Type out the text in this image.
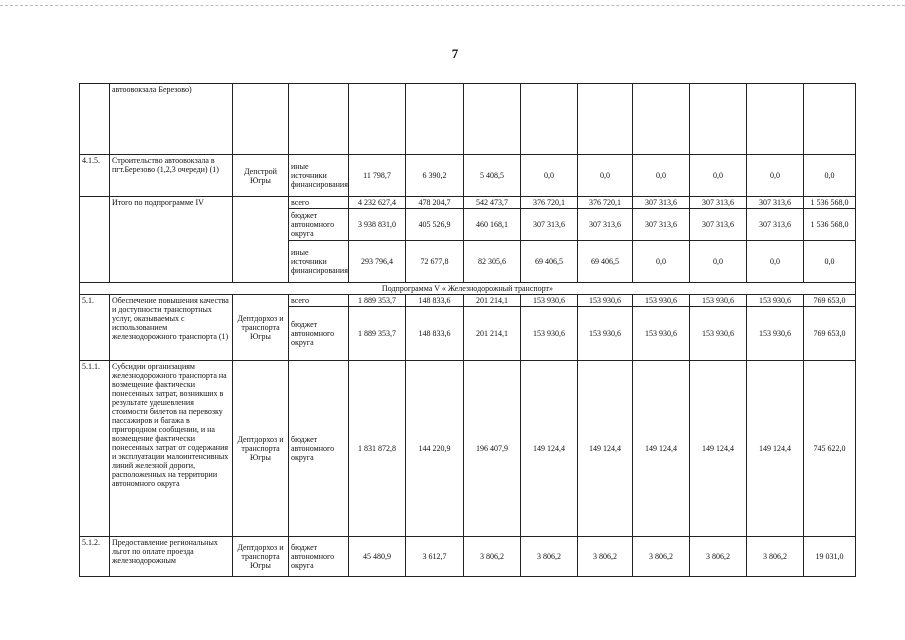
7
	автоовокзала Березово)											
4.1.5.	Строительство автоовокзала в пгт.Березово (1,2,3 очереди) (1)	Депстрой Югры	иные источники финансирования	11 798,7	6 390,2	5 408,5	0,0	0,0	0,0	0,0	0,0	0,0
	Итого по подпрограмме IV		всего	4 232 627,4	478 204,7	542 473,7	376 720,1	376 720,1	307 313,6	307 313,6	307 313,6	1 536 568,0
			бюджет автономного округа	3 938 831,0	405 526,9	460 168,1	307 313,6	307 313,6	307 313,6	307 313,6	307 313,6	1 536 568,0
			иные источники финансирования	293 796,4	72 677,8	82 305,6	69 406,5	69 406,5	0,0	0,0	0,0	0,0
Подпрограмма V « Железнодорожный транспорт»												
5.1.	Обеспечение повышения качества и доступности транспортных услуг, оказываемых с использованием железнодорожного транспорта (1)	Дептдорхоз и транспорта Югры	всего	1 889 353,7	148 833,6	201 214,1	153 930,6	153 930,6	153 930,6	153 930,6	153 930,6	769 653,0
			бюджет автономного округа	1 889 353,7	148 833,6	201 214,1	153 930,6	153 930,6	153 930,6	153 930,6	153 930,6	769 653,0
5.1.1.	Субсидии организациям железнодорожного транспорта на возмещение фактически понесенных затрат, возникших в результате удешевления стоимости билетов на перевозку пассажиров и багажа в пригородном сообщении, и на возмещение фактически понесенных затрат от содержания и эксплуатации малоинтенсивных линий железной дороги, расположенных на территории автономного округа	Дептдорхоз и транспорта Югры	бюджет автономного округа	1 831 872,8	144 220,9	196 407,9	149 124,4	149 124,4	149 124,4	149 124,4	149 124,4	745 622,0
5.1.2.	Предоставление региональных льгот по оплате проезда железнодорожным	Дептдорхоз и транспорта Югры	бюджет автономного округа	45 480,9	3 612,7	3 806,2	3 806,2	3 806,2	3 806,2	3 806,2	3 806,2	19 031,0
